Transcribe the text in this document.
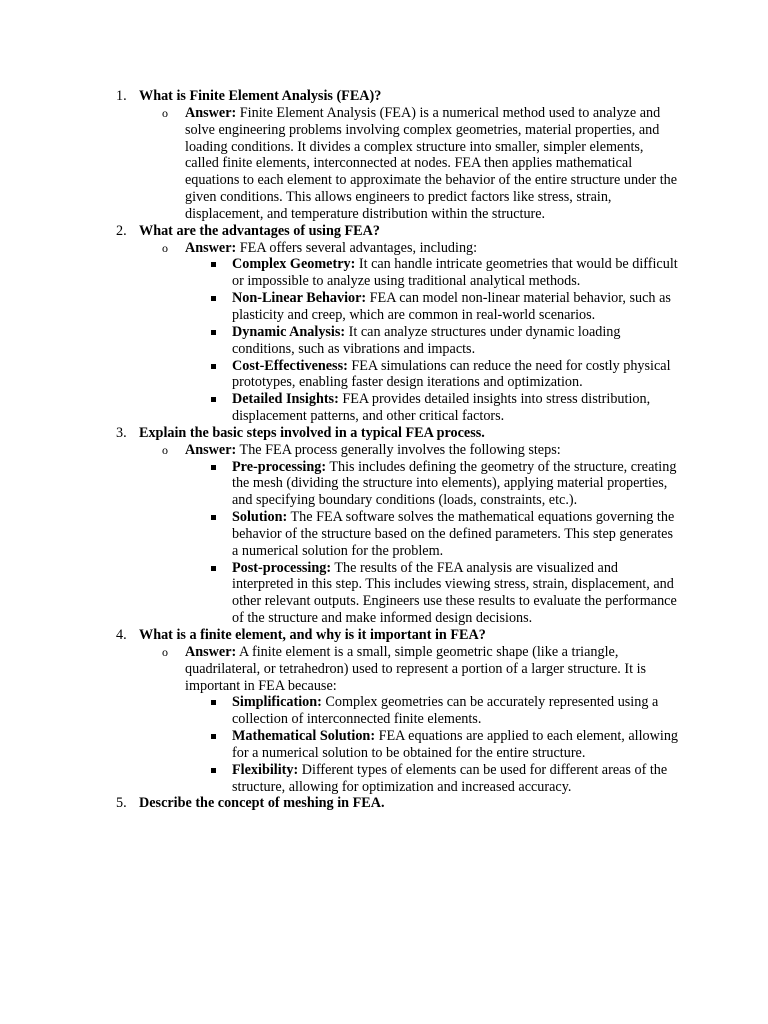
1. What is Finite Element Analysis (FEA)?
o Answer: Finite Element Analysis (FEA) is a numerical method used to analyze and solve engineering problems involving complex geometries, material properties, and loading conditions. It divides a complex structure into smaller, simpler elements, called finite elements, interconnected at nodes. FEA then applies mathematical equations to each element to approximate the behavior of the entire structure under the given conditions. This allows engineers to predict factors like stress, strain, displacement, and temperature distribution within the structure.
2. What are the advantages of using FEA?
o Answer: FEA offers several advantages, including:
Complex Geometry: It can handle intricate geometries that would be difficult or impossible to analyze using traditional analytical methods.
Non-Linear Behavior: FEA can model non-linear material behavior, such as plasticity and creep, which are common in real-world scenarios.
Dynamic Analysis: It can analyze structures under dynamic loading conditions, such as vibrations and impacts.
Cost-Effectiveness: FEA simulations can reduce the need for costly physical prototypes, enabling faster design iterations and optimization.
Detailed Insights: FEA provides detailed insights into stress distribution, displacement patterns, and other critical factors.
3. Explain the basic steps involved in a typical FEA process.
o Answer: The FEA process generally involves the following steps:
Pre-processing: This includes defining the geometry of the structure, creating the mesh (dividing the structure into elements), applying material properties, and specifying boundary conditions (loads, constraints, etc.).
Solution: The FEA software solves the mathematical equations governing the behavior of the structure based on the defined parameters. This step generates a numerical solution for the problem.
Post-processing: The results of the FEA analysis are visualized and interpreted in this step. This includes viewing stress, strain, displacement, and other relevant outputs. Engineers use these results to evaluate the performance of the structure and make informed design decisions.
4. What is a finite element, and why is it important in FEA?
o Answer: A finite element is a small, simple geometric shape (like a triangle, quadrilateral, or tetrahedron) used to represent a portion of a larger structure. It is important in FEA because:
Simplification: Complex geometries can be accurately represented using a collection of interconnected finite elements.
Mathematical Solution: FEA equations are applied to each element, allowing for a numerical solution to be obtained for the entire structure.
Flexibility: Different types of elements can be used for different areas of the structure, allowing for optimization and increased accuracy.
5. Describe the concept of meshing in FEA.
